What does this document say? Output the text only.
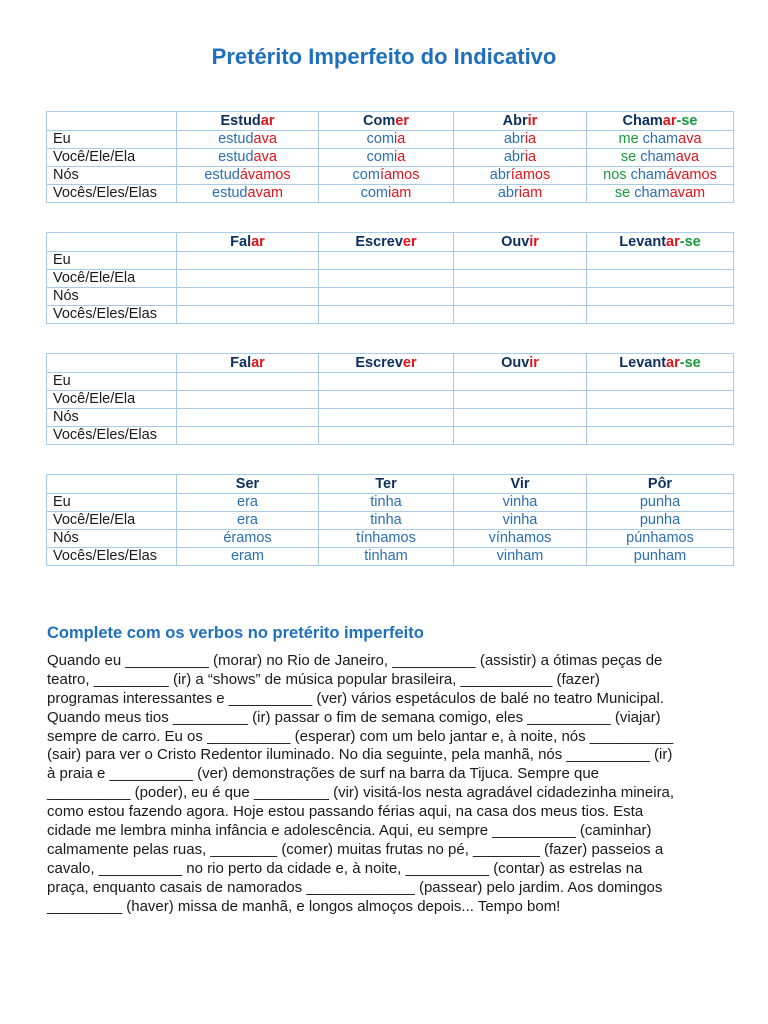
Pretérito Imperfeito do Indicativo
	Estudar	Comer	Abrir	Chamar-se
Eu	estudava	comia	abria	me chamava
Você/Ele/Ela	estudava	comia	abria	se chamava
Nós	estudávamos	comíamos	abríamos	nos chamávamos
Vocês/Eles/Elas	estudavam	comiam	abriam	se chamavam
	Falar	Escrever	Ouvir	Levantar-se
Eu				
Você/Ele/Ela				
Nós				
Vocês/Eles/Elas				
	Falar	Escrever	Ouvir	Levantar-se
Eu				
Você/Ele/Ela				
Nós				
Vocês/Eles/Elas				
	Ser	Ter	Vir	Pôr
Eu	era	tinha	vinha	punha
Você/Ele/Ela	era	tinha	vinha	punha
Nós	éramos	tínhamos	vínhamos	púnhamos
Vocês/Eles/Elas	eram	tinham	vinham	punham
Complete com os verbos no pretérito imperfeito
Quando eu __________ (morar) no Rio de Janeiro, __________ (assistir) a ótimas peças de
teatro, _________ (ir) a “shows” de música popular brasileira, ___________ (fazer)
programas interessantes e __________ (ver) vários espetáculos de balé no teatro Municipal.
Quando meus tios _________ (ir) passar o fim de semana comigo, eles __________ (viajar)
sempre de carro. Eu os __________ (esperar) com um belo jantar e, à noite, nós __________
(sair) para ver o Cristo Redentor iluminado. No dia seguinte, pela manhã, nós __________ (ir)
à praia e __________ (ver) demonstrações de surf na barra da Tijuca. Sempre que
__________ (poder), eu é que _________ (vir) visitá-los nesta agradável cidadezinha mineira,
como estou fazendo agora. Hoje estou passando férias aqui, na casa dos meus tios. Esta
cidade me lembra minha infância e adolescência. Aqui, eu sempre __________ (caminhar)
calmamente pelas ruas, ________ (comer) muitas frutas no pé, ________ (fazer) passeios a
cavalo, __________ no rio perto da cidade e, à noite, __________ (contar) as estrelas na
praça, enquanto casais de namorados _____________ (passear) pelo jardim. Aos domingos
_________ (haver) missa de manhã, e longos almoços depois... Tempo bom!
